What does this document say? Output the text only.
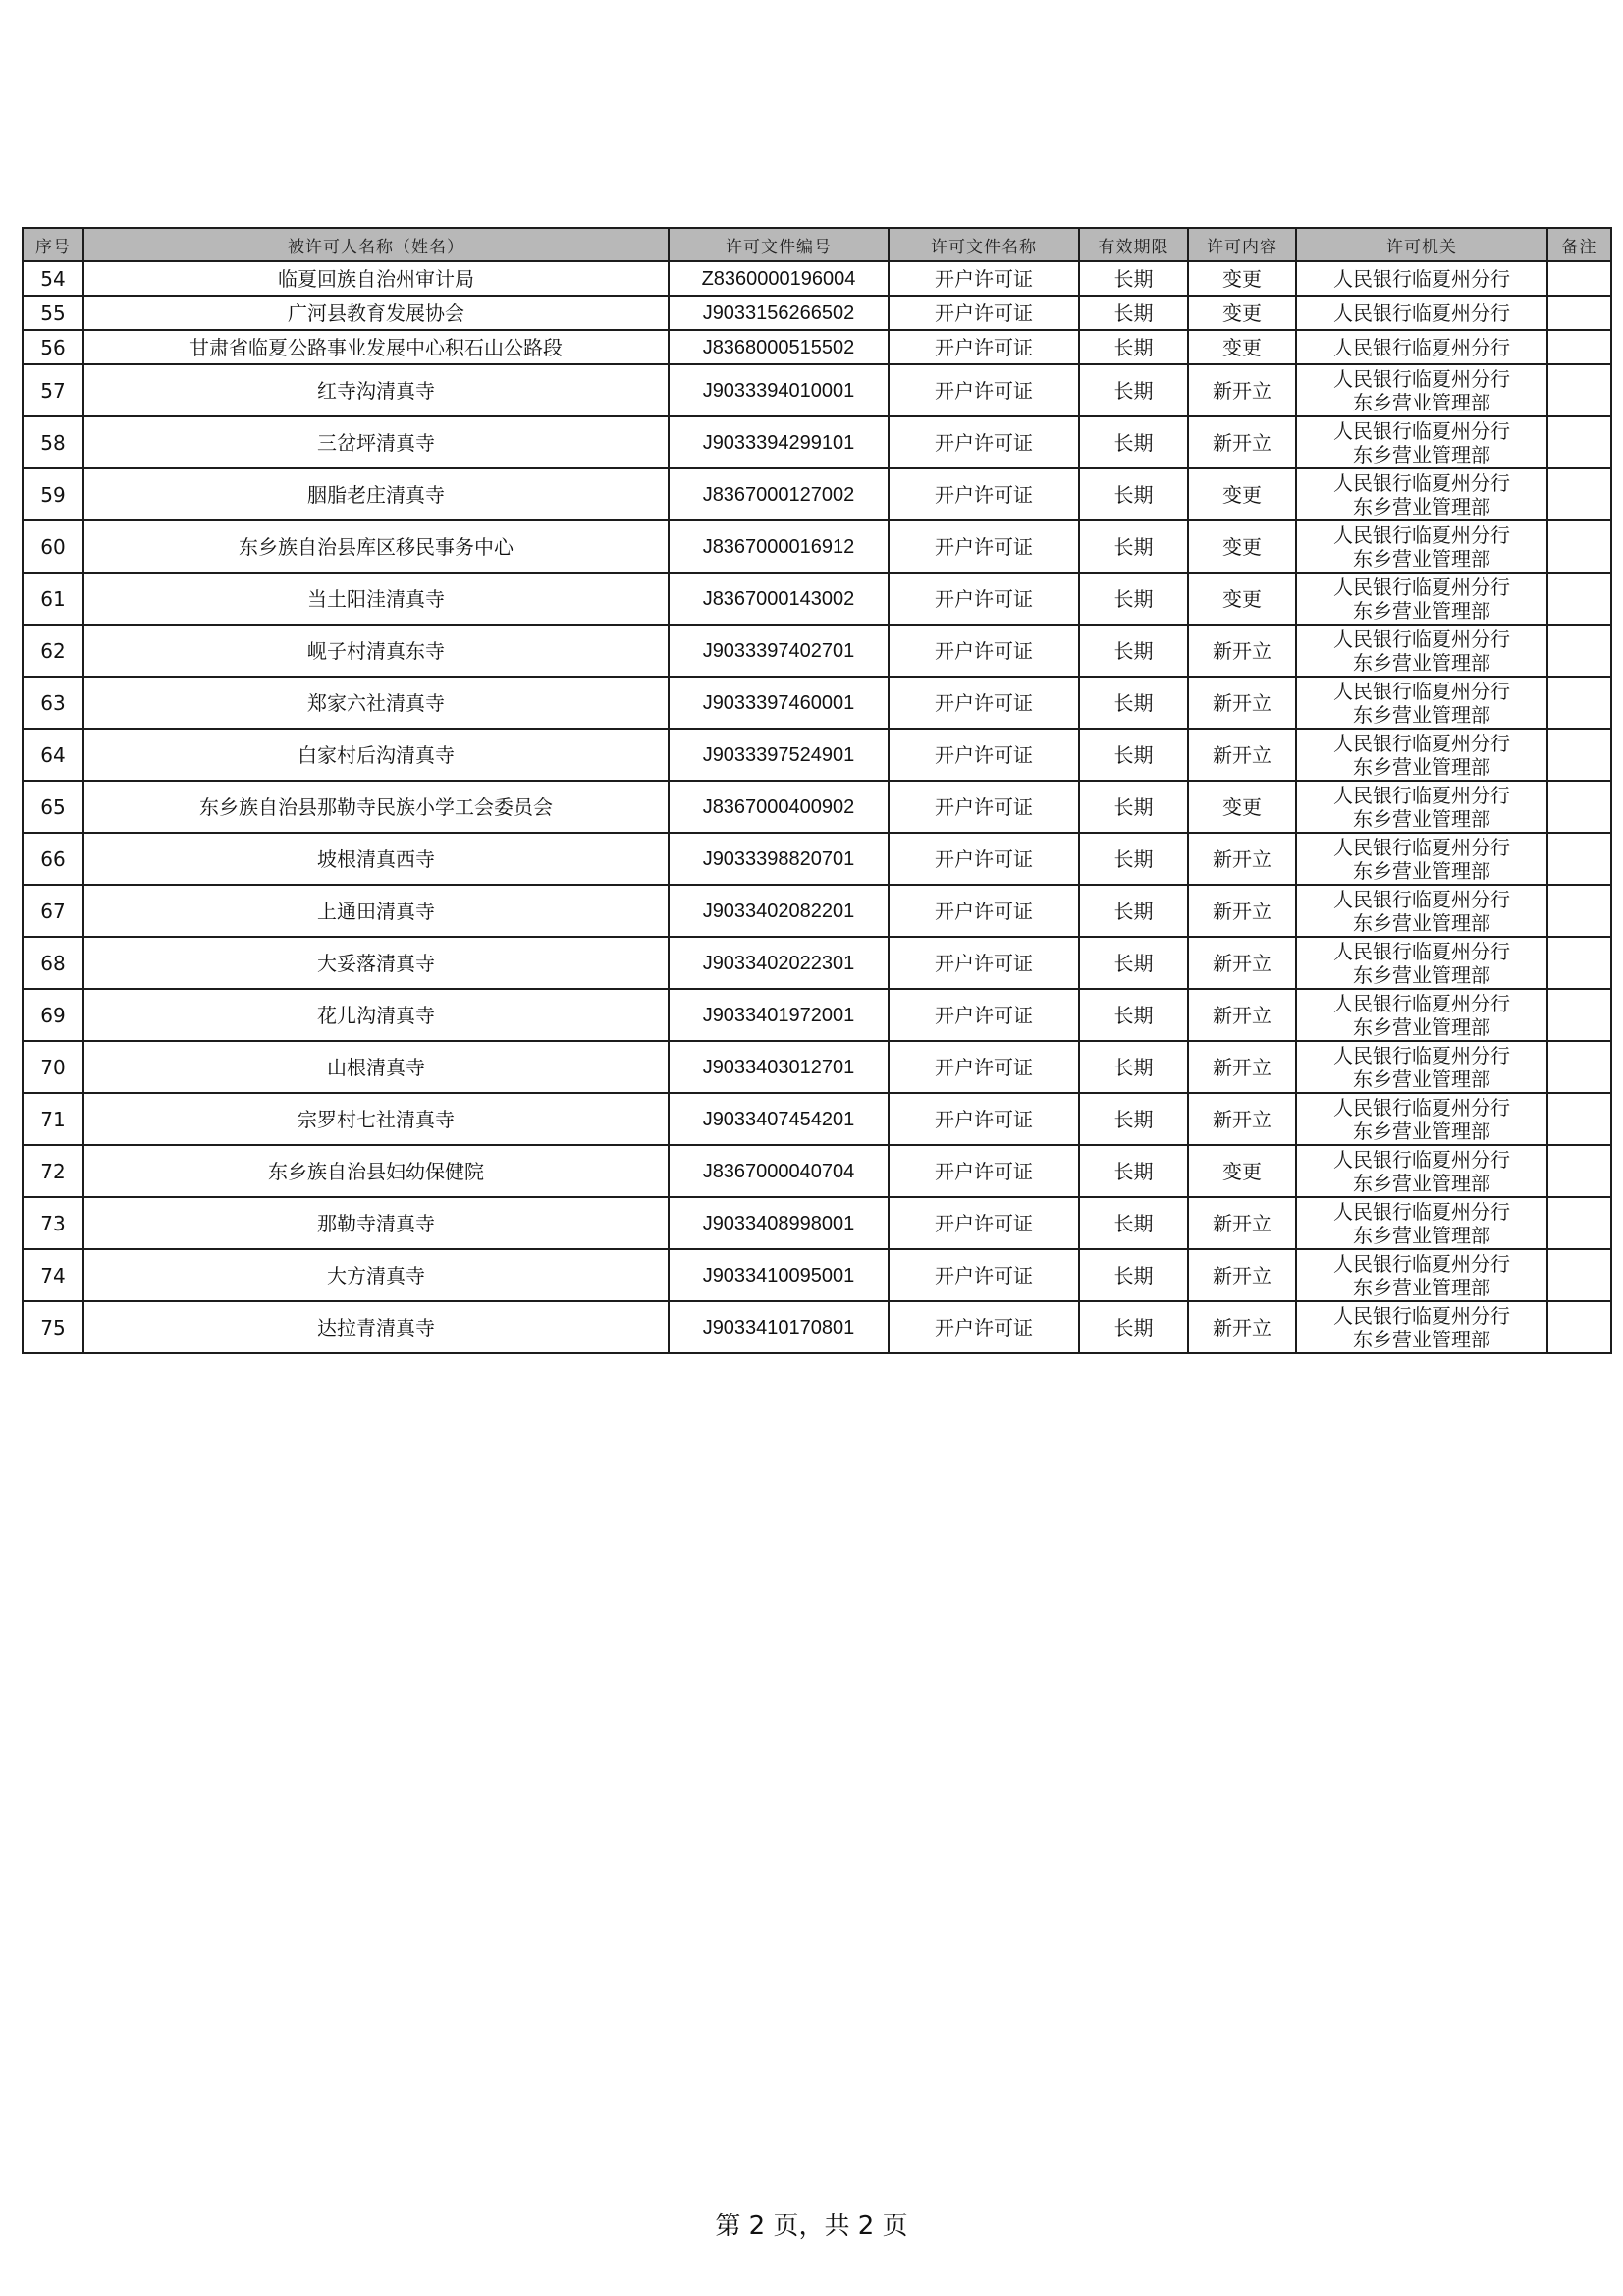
序号	被许可人名称（姓名）	许可文件编号	许可文件名称	有效期限	许可内容	许可机关	备注
54	临夏回族自治州审计局	Z8360000196004	开户许可证	长期	变更	人民银行临夏州分行	

55	广河县教育发展协会	J9033156266502	开户许可证	长期	变更	人民银行临夏州分行	

56	甘肃省临夏公路事业发展中心积石山公路段	J8368000515502	开户许可证	长期	变更	人民银行临夏州分行	

57	红寺沟清真寺	J9033394010001	开户许可证	长期	新开立	人民银行临夏州分行
东乡营业管理部	

58	三岔坪清真寺	J9033394299101	开户许可证	长期	新开立	人民银行临夏州分行
东乡营业管理部	

59	胭脂老庄清真寺	J8367000127002	开户许可证	长期	变更	人民银行临夏州分行
东乡营业管理部	

60	东乡族自治县库区移民事务中心	J8367000016912	开户许可证	长期	变更	人民银行临夏州分行
东乡营业管理部	

61	当土阳洼清真寺	J8367000143002	开户许可证	长期	变更	人民银行临夏州分行
东乡营业管理部	

62	岘子村清真东寺	J9033397402701	开户许可证	长期	新开立	人民银行临夏州分行
东乡营业管理部	

63	郑家六社清真寺	J9033397460001	开户许可证	长期	新开立	人民银行临夏州分行
东乡营业管理部	

64	白家村后沟清真寺	J9033397524901	开户许可证	长期	新开立	人民银行临夏州分行
东乡营业管理部	

65	东乡族自治县那勒寺民族小学工会委员会	J8367000400902	开户许可证	长期	变更	人民银行临夏州分行
东乡营业管理部	

66	坡根清真西寺	J9033398820701	开户许可证	长期	新开立	人民银行临夏州分行
东乡营业管理部	

67	上通田清真寺	J9033402082201	开户许可证	长期	新开立	人民银行临夏州分行
东乡营业管理部	

68	大妥落清真寺	J9033402022301	开户许可证	长期	新开立	人民银行临夏州分行
东乡营业管理部	

69	花儿沟清真寺	J9033401972001	开户许可证	长期	新开立	人民银行临夏州分行
东乡营业管理部	

70	山根清真寺	J9033403012701	开户许可证	长期	新开立	人民银行临夏州分行
东乡营业管理部	

71	宗罗村七社清真寺	J9033407454201	开户许可证	长期	新开立	人民银行临夏州分行
东乡营业管理部	

72	东乡族自治县妇幼保健院	J8367000040704	开户许可证	长期	变更	人民银行临夏州分行
东乡营业管理部	

73	那勒寺清真寺	J9033408998001	开户许可证	长期	新开立	人民银行临夏州分行
东乡营业管理部	

74	大方清真寺	J9033410095001	开户许可证	长期	新开立	人民银行临夏州分行
东乡营业管理部	

75	达拉青清真寺	J9033410170801	开户许可证	长期	新开立	人民银行临夏州分行
东乡营业管理部	

第 2 页，共 2 页
